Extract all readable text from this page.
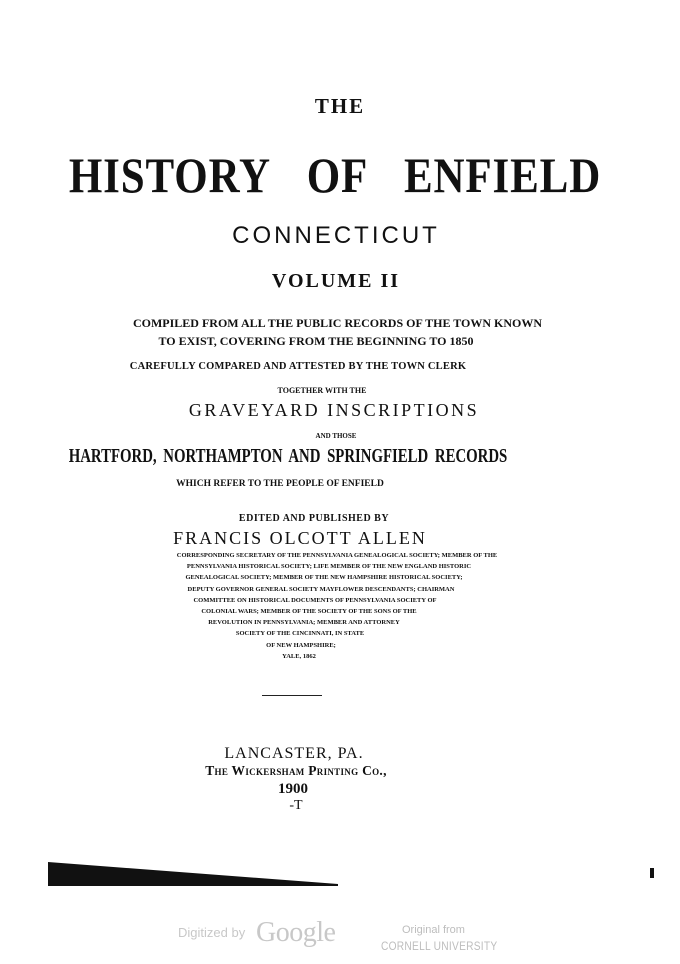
THE
HISTORY OF ENFIELD
CONNECTICUT
VOLUME II
COMPILED FROM ALL THE PUBLIC RECORDS OF THE TOWN KNOWN
TO EXIST, COVERING FROM THE BEGINNING TO 1850
CAREFULLY COMPARED AND ATTESTED BY THE TOWN CLERK
TOGETHER WITH THE
GRAVEYARD INSCRIPTIONS
AND THOSE
HARTFORD, NORTHAMPTON AND SPRINGFIELD RECORDS
WHICH REFER TO THE PEOPLE OF ENFIELD
EDITED AND PUBLISHED BY
FRANCIS OLCOTT ALLEN
CORRESPONDING SECRETARY OF THE PENNSYLVANIA GENEALOGICAL SOCIETY; MEMBER OF THE
PENNSYLVANIA HISTORICAL SOCIETY; LIFE MEMBER OF THE NEW ENGLAND HISTORIC
GENEALOGICAL SOCIETY; MEMBER OF THE NEW HAMPSHIRE HISTORICAL SOCIETY;
DEPUTY GOVERNOR GENERAL SOCIETY MAYFLOWER DESCENDANTS; CHAIRMAN
COMMITTEE ON HISTORICAL DOCUMENTS OF PENNSYLVANIA SOCIETY OF
COLONIAL WARS; MEMBER OF THE SOCIETY OF THE SONS OF THE
REVOLUTION IN PENNSYLVANIA; MEMBER AND ATTORNEY
SOCIETY OF THE CINCINNATI, IN STATE
OF NEW HAMPSHIRE;
YALE, 1862
LANCASTER, PA.
The Wickersham Printing Co.,
1900
-T
Digitized by Google	Original from
CORNELL UNIVERSITY
